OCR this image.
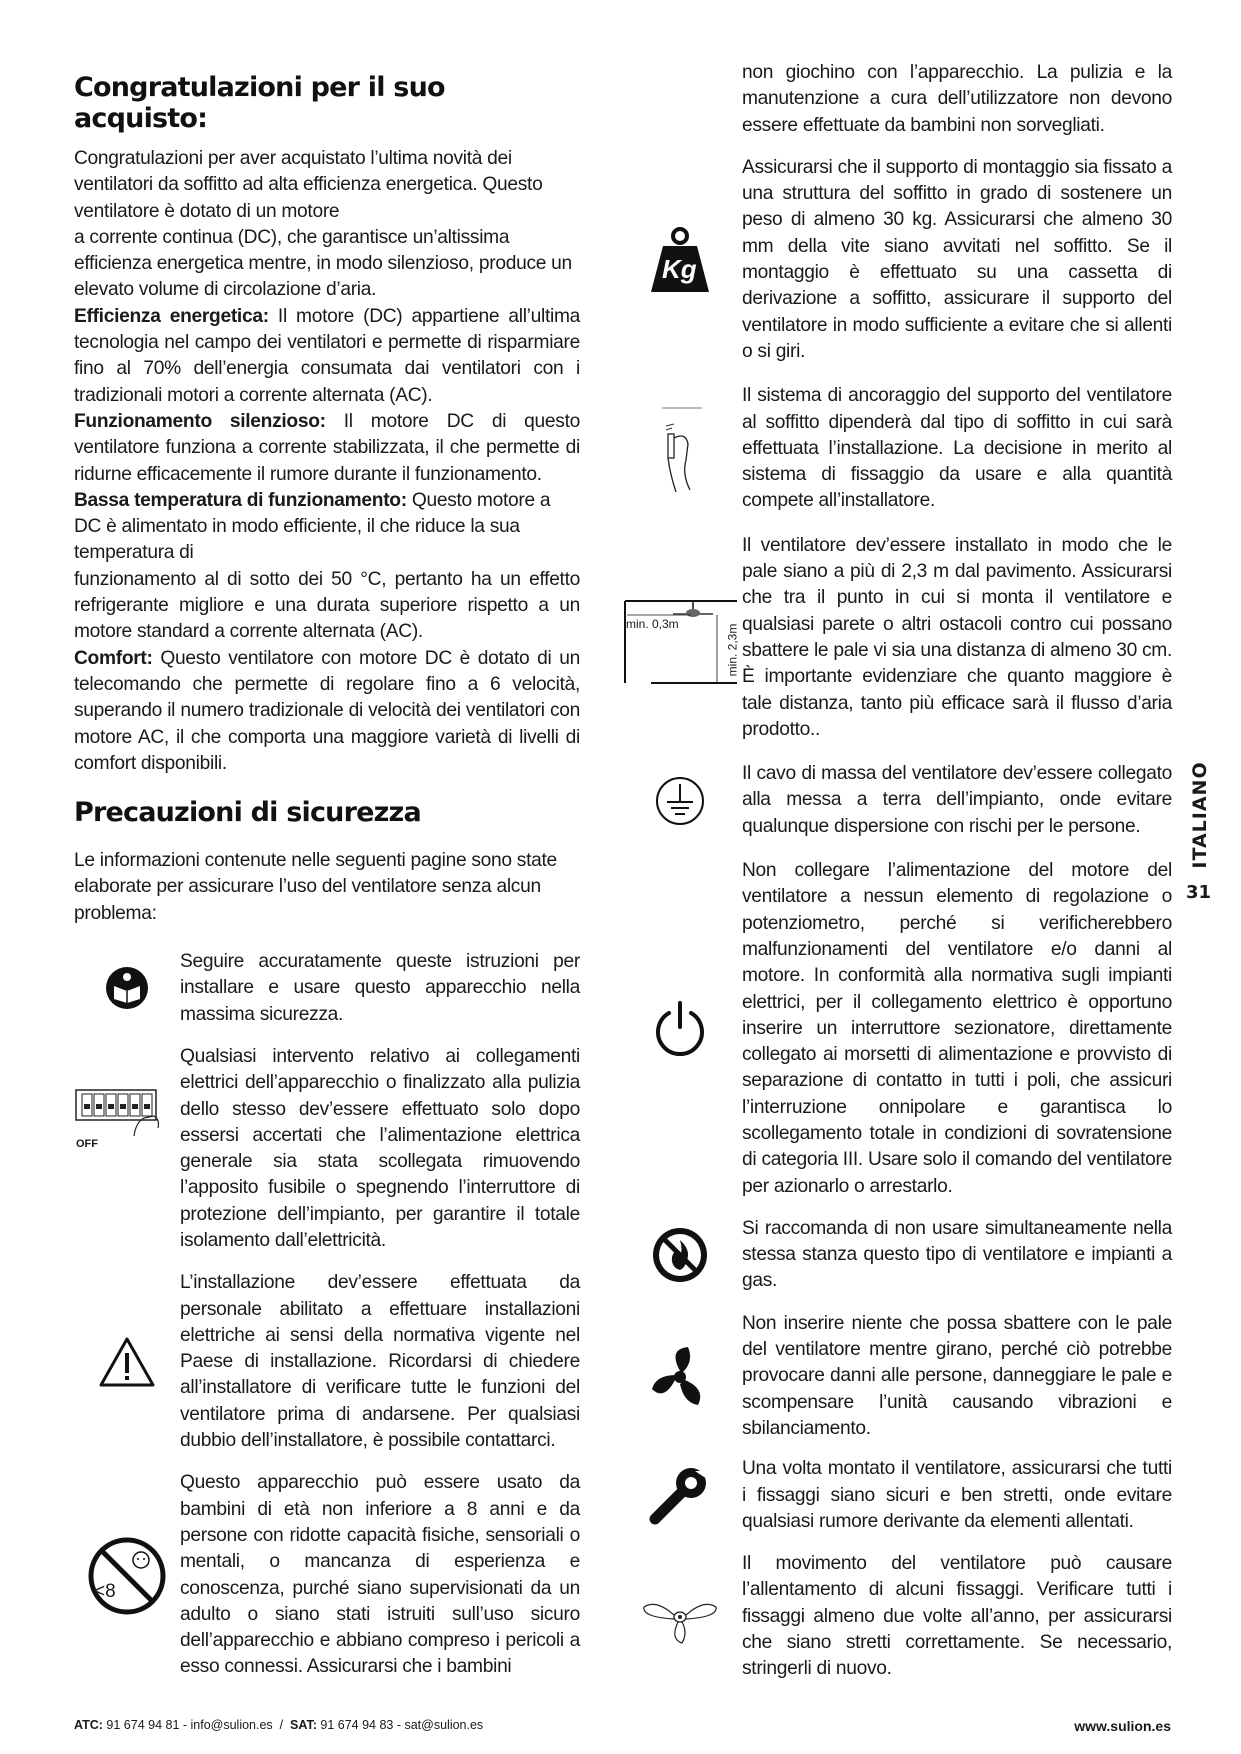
Congratulazioni per il suo acquisto:

Congratulazioni per aver acquistato l’ultima novità dei ventilatori da soffitto ad alta efficienza energetica. Questo ventilatore è dotato di un motore

a corrente continua (DC), che garantisce un’altissima efficienza energetica mentre, in modo silenzioso, produce un elevato volume di circolazione d’aria.

Efficienza energetica: Il motore (DC) appartiene all’ultima tecnologia nel campo dei ventilatori e permette di risparmiare fino al 70% dell’energia consumata dai ventilatori con i tradizionali motori a corrente alternata (AC).

Funzionamento silenzioso: Il motore DC di questo ventilatore funziona a corrente stabilizzata, il che permette di ridurne efficacemente il rumore durante il funzionamento.

Bassa temperatura di funzionamento: Questo motore a DC è alimentato in modo efficiente, il che riduce la sua temperatura di

funzionamento al di sotto dei 50 °C, pertanto ha un effetto refrigerante migliore e una durata superiore rispetto a un motore standard a corrente alternata (AC).

Comfort: Questo ventilatore con motore DC è dotato di un telecomando che permette di regolare fino a 6 velocità, superando il numero tradizionale di velocità dei ventilatori con motore AC, il che comporta una maggiore varietà di livelli di comfort disponibili.

Precauzioni di sicurezza

Le informazioni contenute nelle seguenti pagine sono state elaborate per assicurare l’uso del ventilatore senza alcun problema:

Seguire accuratamente queste istruzioni per installare e usare questo apparecchio nella massima sicurezza.

OFF

Qualsiasi intervento relativo ai collegamenti elettrici dell’apparecchio o finalizzato alla pulizia dello stesso dev’essere effettuato solo dopo essersi accertati che l’alimentazione elettrica generale sia stata scollegata rimuovendo l’apposito fusibile o spegnendo l’interruttore di protezione dell’impianto, per garantire il totale isolamento dall’elettricità.

L’installazione dev’essere effettuata da personale abilitato a effettuare installazioni elettriche ai sensi della normativa vigente nel Paese di installazione. Ricordarsi di chiedere all’installatore di verificare tutte le funzioni del ventilatore prima di andarsene. Per qualsiasi dubbio dell’installatore, è possibile contattarci.

<8

Questo apparecchio può essere usato da bambini di età non inferiore a 8 anni e da persone con ridotte capacità fisiche, sensoriali o mentali, o mancanza di esperienza e conoscenza, purché siano supervisionati da un adulto o siano stati istruiti sull’uso sicuro dell’apparecchio e abbiano compreso i pericoli a esso connessi. Assicurarsi che i bambini

non giochino con l’apparecchio. La pulizia e la manutenzione a cura dell’utilizzatore non devono essere effettuate da bambini non sorvegliati.

Kg

Assicurarsi che il supporto di montaggio sia fissato a una struttura del soffitto in grado di sostenere un peso di almeno 30 kg. Assicurarsi che almeno 30 mm della vite siano avvitati nel soffitto. Se il montaggio è effettuato su una cassetta di derivazione a soffitto, assicurare il supporto del ventilatore in modo sufficiente a evitare che si allenti o si giri.

Il sistema di ancoraggio del supporto del ventilatore al soffitto dipenderà dal tipo di soffitto in cui sarà effettuata l’installazione. La decisione in merito al sistema di fissaggio da usare e alla quantità compete all’installatore.

min. 0,3m	min. 2,3m

Il ventilatore dev’essere installato in modo che le pale siano a più di 2,3 m dal pavimento. Assicurarsi che tra il punto in cui si monta il ventilatore e qualsiasi parete o altri ostacoli contro cui possano sbattere le pale vi sia una distanza di almeno 30 cm. È importante evidenziare che quanto maggiore è tale distanza, tanto più efficace sarà il flusso d’aria prodotto..

Il cavo di massa del ventilatore dev’essere collegato alla messa a terra dell’impianto, onde evitare qualunque dispersione con rischi per le persone.

Non collegare l’alimentazione del motore del ventilatore a nessun elemento di regolazione o potenziometro, perché si verificherebbero malfunzionamenti del ventilatore e/o danni al motore. In conformità alla normativa sugli impianti elettrici, per il collegamento elettrico è opportuno inserire un interruttore sezionatore, direttamente collegato ai morsetti di alimentazione e provvisto di separazione di contatto in tutti i poli, che assicuri l’interruzione onnipolare e garantisca lo scollegamento totale in condizioni di sovratensione di categoria III. Usare solo il comando del ventilatore per azionarlo o arrestarlo.

Si raccomanda di non usare simultaneamente nella stessa stanza questo tipo di ventilatore e impianti a gas.

Non inserire niente che possa sbattere con le pale del ventilatore mentre girano, perché ciò potrebbe provocare danni alle persone, danneggiare le pale e scompensare l’unità causando vibrazioni e sbilanciamento.

Una volta montato il ventilatore, assicurarsi che tutti i fissaggi siano sicuri e ben stretti, onde evitare qualsiasi rumore derivante da elementi allentati.

Il movimento del ventilatore può causare l’allentamento di alcuni fissaggi. Verificare tutti i fissaggi almeno due volte all’anno, per assicurarsi che siano stretti correttamente. Se necessario, stringerli di nuovo.

ITALIANO
31
ATC: 91 674 94 81 - info@sulion.es  /  SAT: 91 674 94 83 - sat@sulion.es	www.sulion.es
